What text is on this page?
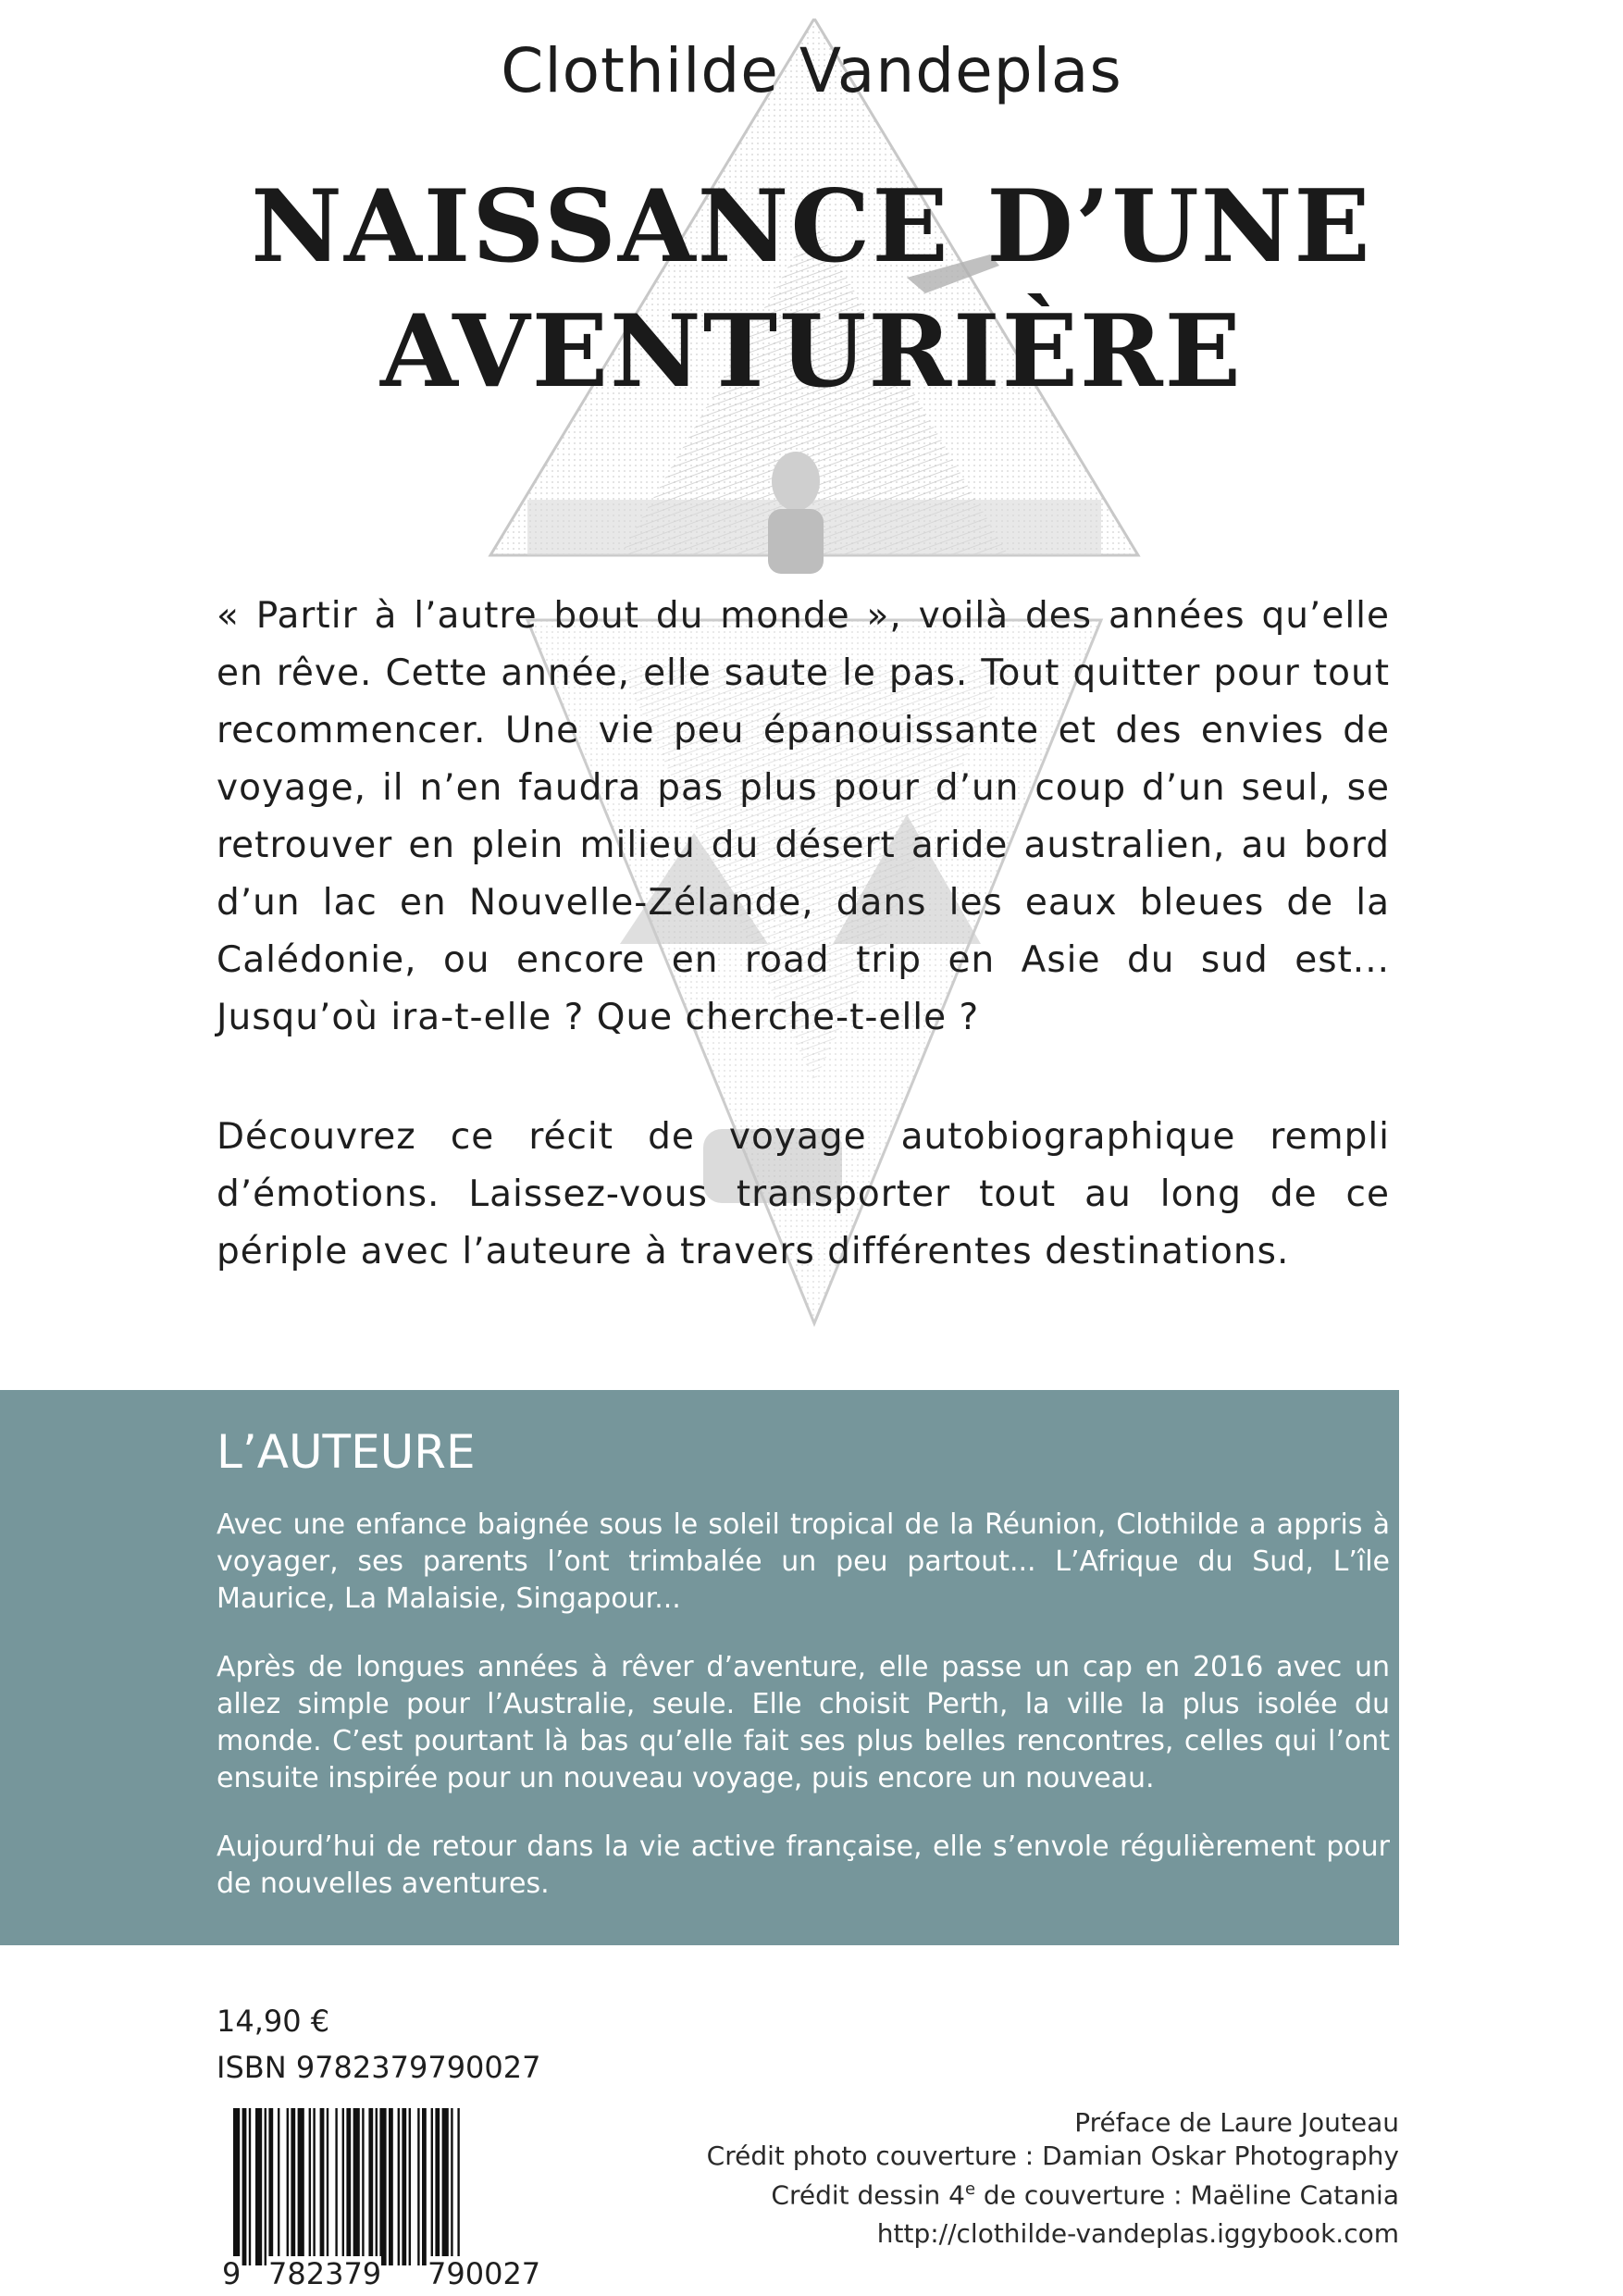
Clothilde Vandeplas
NAISSANCE D’UNE
AVENTURIÈRE

« Partir à l’autre bout du monde », voilà des années qu’elle en rêve. Cette année, elle saute le pas. Tout quitter pour tout recommencer. Une vie peu épanouissante et des envies de voyage, il n’en faudra pas plus pour d’un coup d’un seul, se retrouver en plein milieu du désert aride australien, au bord d’un lac en Nouvelle-Zélande, dans les eaux bleues de la Calédonie, ou encore en road trip en Asie du sud est... Jusqu’où ira-t-elle ? Que cherche-t-elle ?

Découvrez ce récit de voyage autobiographique rempli d’émotions. Laissez-vous transporter tout au long de ce périple avec l’auteure à travers différentes destinations.

L’AUTEURE

Avec une enfance baignée sous le soleil tropical de la Réunion, Clothilde a appris à voyager, ses parents l’ont trimbalée un peu partout... L’Afrique du Sud, L’île Maurice, La Malaisie, Singapour...

Après de longues années à rêver d’aventure, elle passe un cap en 2016 avec un allez simple pour l’Australie, seule. Elle choisit Perth, la ville la plus isolée du monde. C’est pourtant là bas qu’elle fait ses plus belles rencontres, celles qui l’ont ensuite inspirée pour un nouveau voyage, puis encore un nouveau.

Aujourd’hui de retour dans la vie active française, elle s’envole régulièrement pour de nouvelles aventures.

14,90 €
ISBN 9782379790027
9 782379 790027
Préface de Laure Jouteau
Crédit photo couverture : Damian Oskar Photography
Crédit dessin 4e de couverture : Maëline Catania
http://clothilde-vandeplas.iggybook.com
